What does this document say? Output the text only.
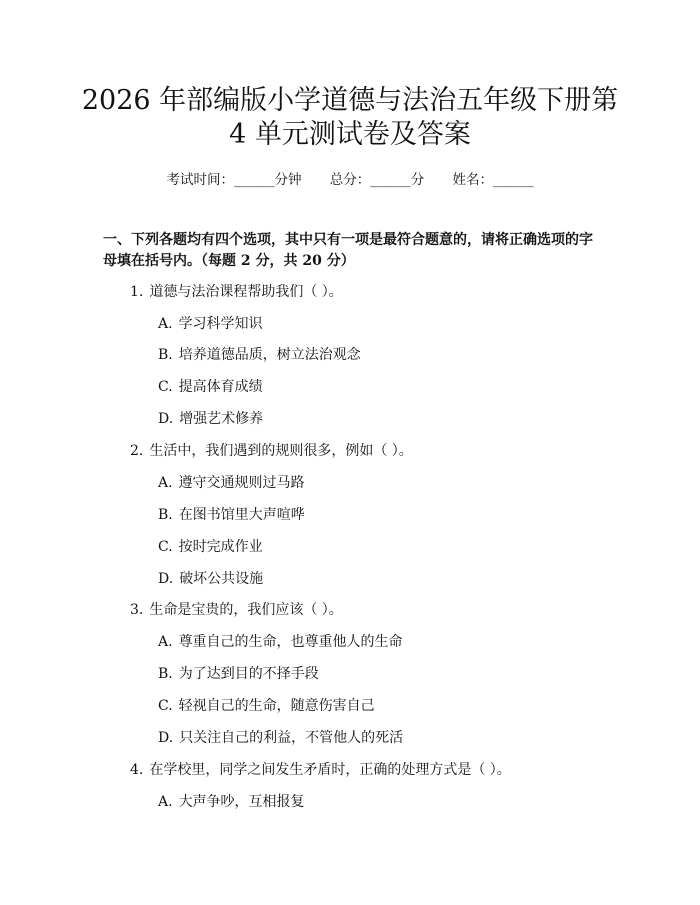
2026 年部编版小学道德与法治五年级下册第
4 单元测试卷及答案
考试时间：______分钟 总分：______分 姓名：______

一、下列各题均有四个选项，其中只有一项是最符合题意的，请将正确选项的字

母填在括号内。（每题 2 分，共 20 分）

1. 道德与法治课程帮助我们（ ）。
A. 学习科学知识
B. 培养道德品质，树立法治观念
C. 提高体育成绩
D. 增强艺术修养
2. 生活中，我们遇到的规则很多，例如（ ）。
A. 遵守交通规则过马路
B. 在图书馆里大声喧哗
C. 按时完成作业
D. 破坏公共设施
3. 生命是宝贵的，我们应该（ ）。
A. 尊重自己的生命，也尊重他人的生命
B. 为了达到目的不择手段
C. 轻视自己的生命，随意伤害自己
D. 只关注自己的利益，不管他人的死活
4. 在学校里，同学之间发生矛盾时，正确的处理方式是（ ）。
A. 大声争吵，互相报复
